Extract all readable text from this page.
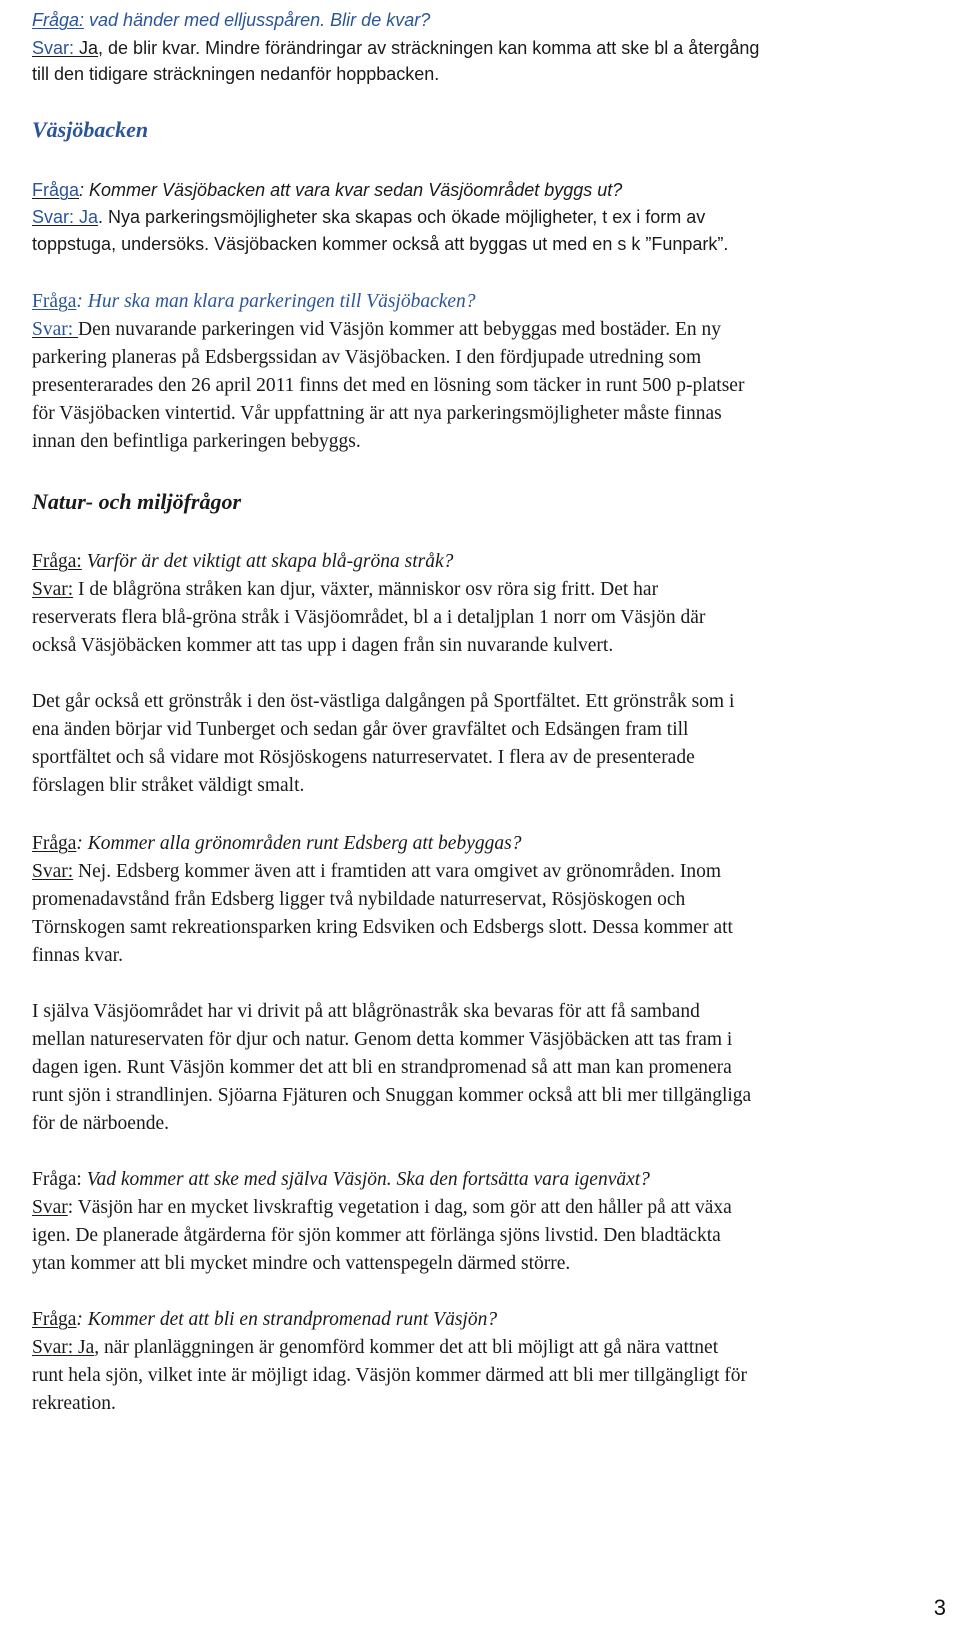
Fråga: vad händer med elljusspåren. Blir de kvar?
Svar: Ja, de blir kvar. Mindre förändringar av sträckningen kan komma att ske bl a återgång
till den tidigare sträckningen nedanför hoppbacken.
Väsjöbacken
Fråga: Kommer Väsjöbacken att vara kvar sedan Väsjöområdet byggs ut?
Svar: Ja. Nya parkeringsmöjligheter ska skapas och ökade möjligheter, t ex i form av
toppstuga, undersöks. Väsjöbacken kommer också att byggas ut med en s k ”Funpark”.
Fråga: Hur ska man klara parkeringen till Väsjöbacken?
Svar: Den nuvarande parkeringen vid Väsjön kommer att bebyggas med bostäder. En ny
parkering planeras på Edsbergssidan av Väsjöbacken. I den fördjupade utredning som
presenterarades den 26 april 2011 finns det med en lösning som täcker in runt 500 p-platser
för Väsjöbacken vintertid. Vår uppfattning är att nya parkeringsmöjligheter måste finnas
innan den befintliga parkeringen bebyggs.
Natur- och miljöfrågor
Fråga: Varför är det viktigt att skapa blå-gröna stråk?
Svar: I de blågröna stråken kan djur, växter, människor osv röra sig fritt. Det har
reserverats flera blå-gröna stråk i Väsjöområdet, bl a i detaljplan 1 norr om Väsjön där
också Väsjöbäcken kommer att tas upp i dagen från sin nuvarande kulvert.
Det går också ett grönstråk i den öst-västliga dalgången på Sportfältet. Ett grönstråk som i
ena änden börjar vid Tunberget och sedan går över gravfältet och Edsängen fram till
sportfältet och så vidare mot Rösjöskogens naturreservatet. I flera av de presenterade
förslagen blir stråket väldigt smalt.
Fråga: Kommer alla grönområden runt Edsberg att bebyggas?
Svar: Nej. Edsberg kommer även att i framtiden att vara omgivet av grönområden. Inom
promenadavstånd från Edsberg ligger två nybildade naturreservat, Rösjöskogen och
Törnskogen samt rekreationsparken kring Edsviken och Edsbergs slott. Dessa kommer att
finnas kvar.
I själva Väsjöområdet har vi drivit på att blågrönastråk ska bevaras för att få samband
mellan natureservaten för djur och natur. Genom detta kommer Väsjöbäcken att tas fram i
dagen igen. Runt Väsjön kommer det att bli en strandpromenad så att man kan promenera
runt sjön i strandlinjen. Sjöarna Fjäturen och Snuggan kommer också att bli mer tillgängliga
för de närboende.
Fråga: Vad kommer att ske med själva Väsjön. Ska den fortsätta vara igenväxt?
Svar: Väsjön har en mycket livskraftig vegetation i dag, som gör att den håller på att växa
igen. De planerade åtgärderna för sjön kommer att förlänga sjöns livstid. Den bladtäckta
ytan kommer att bli mycket mindre och vattenspegeln därmed större.
Fråga: Kommer det att bli en strandpromenad runt Väsjön?
Svar: Ja, när planläggningen är genomförd kommer det att bli möjligt att gå nära vattnet
runt hela sjön, vilket inte är möjligt idag. Väsjön kommer därmed att bli mer tillgängligt för
rekreation.
3
